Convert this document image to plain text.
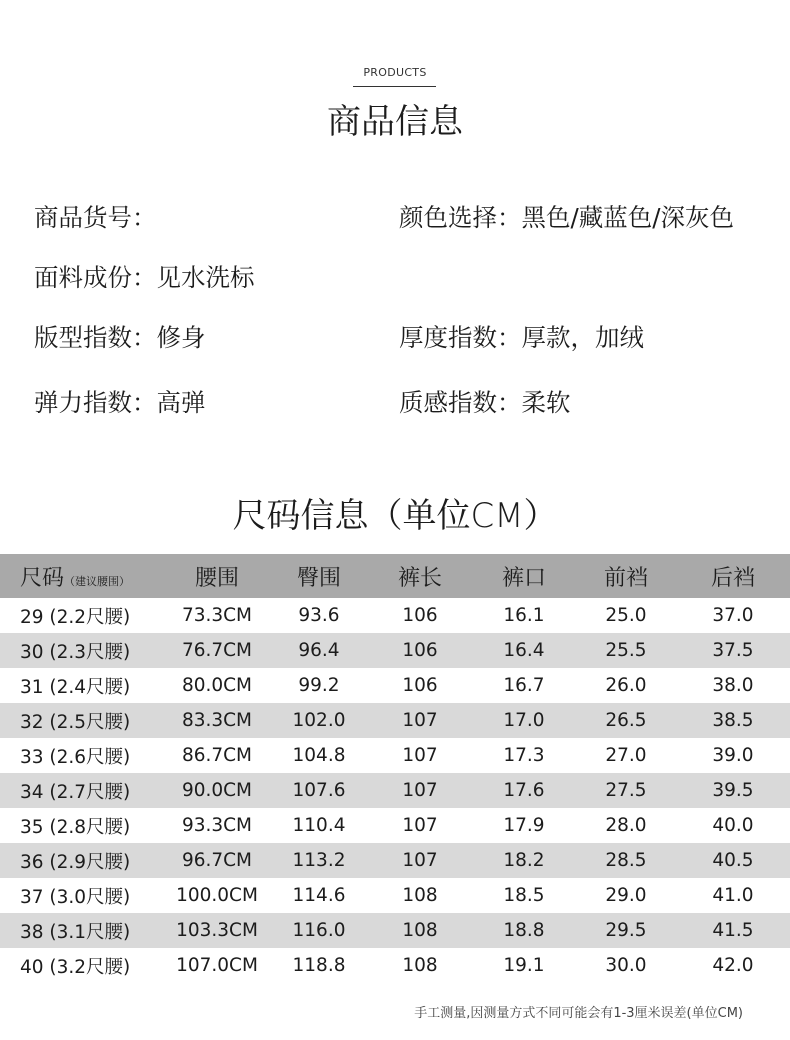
PRODUCTS
商品信息
商品货号：	颜色选择：黑色/藏蓝色/深灰色
面料成份：见水洗标
版型指数：修身	厚度指数：厚款，加绒
弹力指数：高弹	质感指数：柔软
尺码信息（单位CM）
尺码（建议腰围）	腰围	臀围	裤长	裤口	前裆	后裆
29 (2.2尺腰)	73.3CM	93.6	106	16.1	25.0	37.0
30 (2.3尺腰)	76.7CM	96.4	106	16.4	25.5	37.5
31 (2.4尺腰)	80.0CM	99.2	106	16.7	26.0	38.0
32 (2.5尺腰)	83.3CM	102.0	107	17.0	26.5	38.5
33 (2.6尺腰)	86.7CM	104.8	107	17.3	27.0	39.0
34 (2.7尺腰)	90.0CM	107.6	107	17.6	27.5	39.5
35 (2.8尺腰)	93.3CM	110.4	107	17.9	28.0	40.0
36 (2.9尺腰)	96.7CM	113.2	107	18.2	28.5	40.5
37 (3.0尺腰)	100.0CM	114.6	108	18.5	29.0	41.0
38 (3.1尺腰)	103.3CM	116.0	108	18.8	29.5	41.5
40 (3.2尺腰)	107.0CM	118.8	108	19.1	30.0	42.0
手工测量,因测量方式不同可能会有1-3厘米误差(单位CM)
